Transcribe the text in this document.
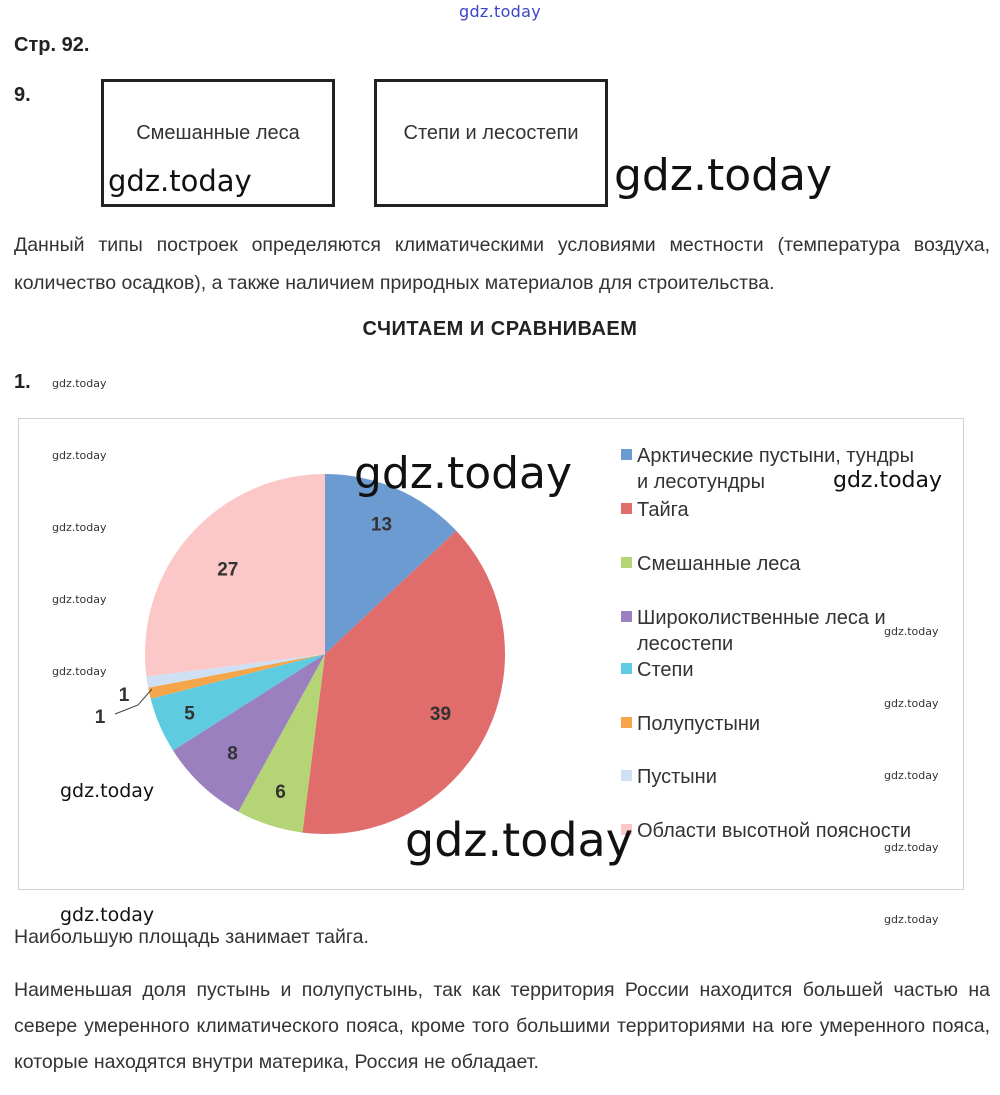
gdz.today
Стр. 92.
9.
Смешанные леса
gdz.today
Степи и лесостепи
gdz.today
Данный типы построек определяются климатическими условиями местности (температура воздуха, количество осадков), а также наличием природных материалов для строительства.
СЧИТАЕМ И СРАВНИВАЕМ
1. gdz.today
13
39
6
8
5
1
1
27
Арктические пустыни, тундры
и лесотундры
Тайга
Смешанные леса
Широколиственные леса и
лесостепи
Степи
Полупустыни
Пустыни
Области высотной поясности
gdz.today
gdz.today
gdz.today
gdz.today
gdz.today
gdz.today
gdz.today
gdz.today
gdz.today
gdz.today	gdz.today
gdz.today
gdz.today
gdz.today
Наибольшую площадь занимает тайга.
Наименьшая доля пустынь и полупустынь, так как территория России находится большей частью на севере умеренного климатического пояса, кроме того большими территориями на юге умеренного пояса, которые находятся внутри материка, Россия не обладает.
